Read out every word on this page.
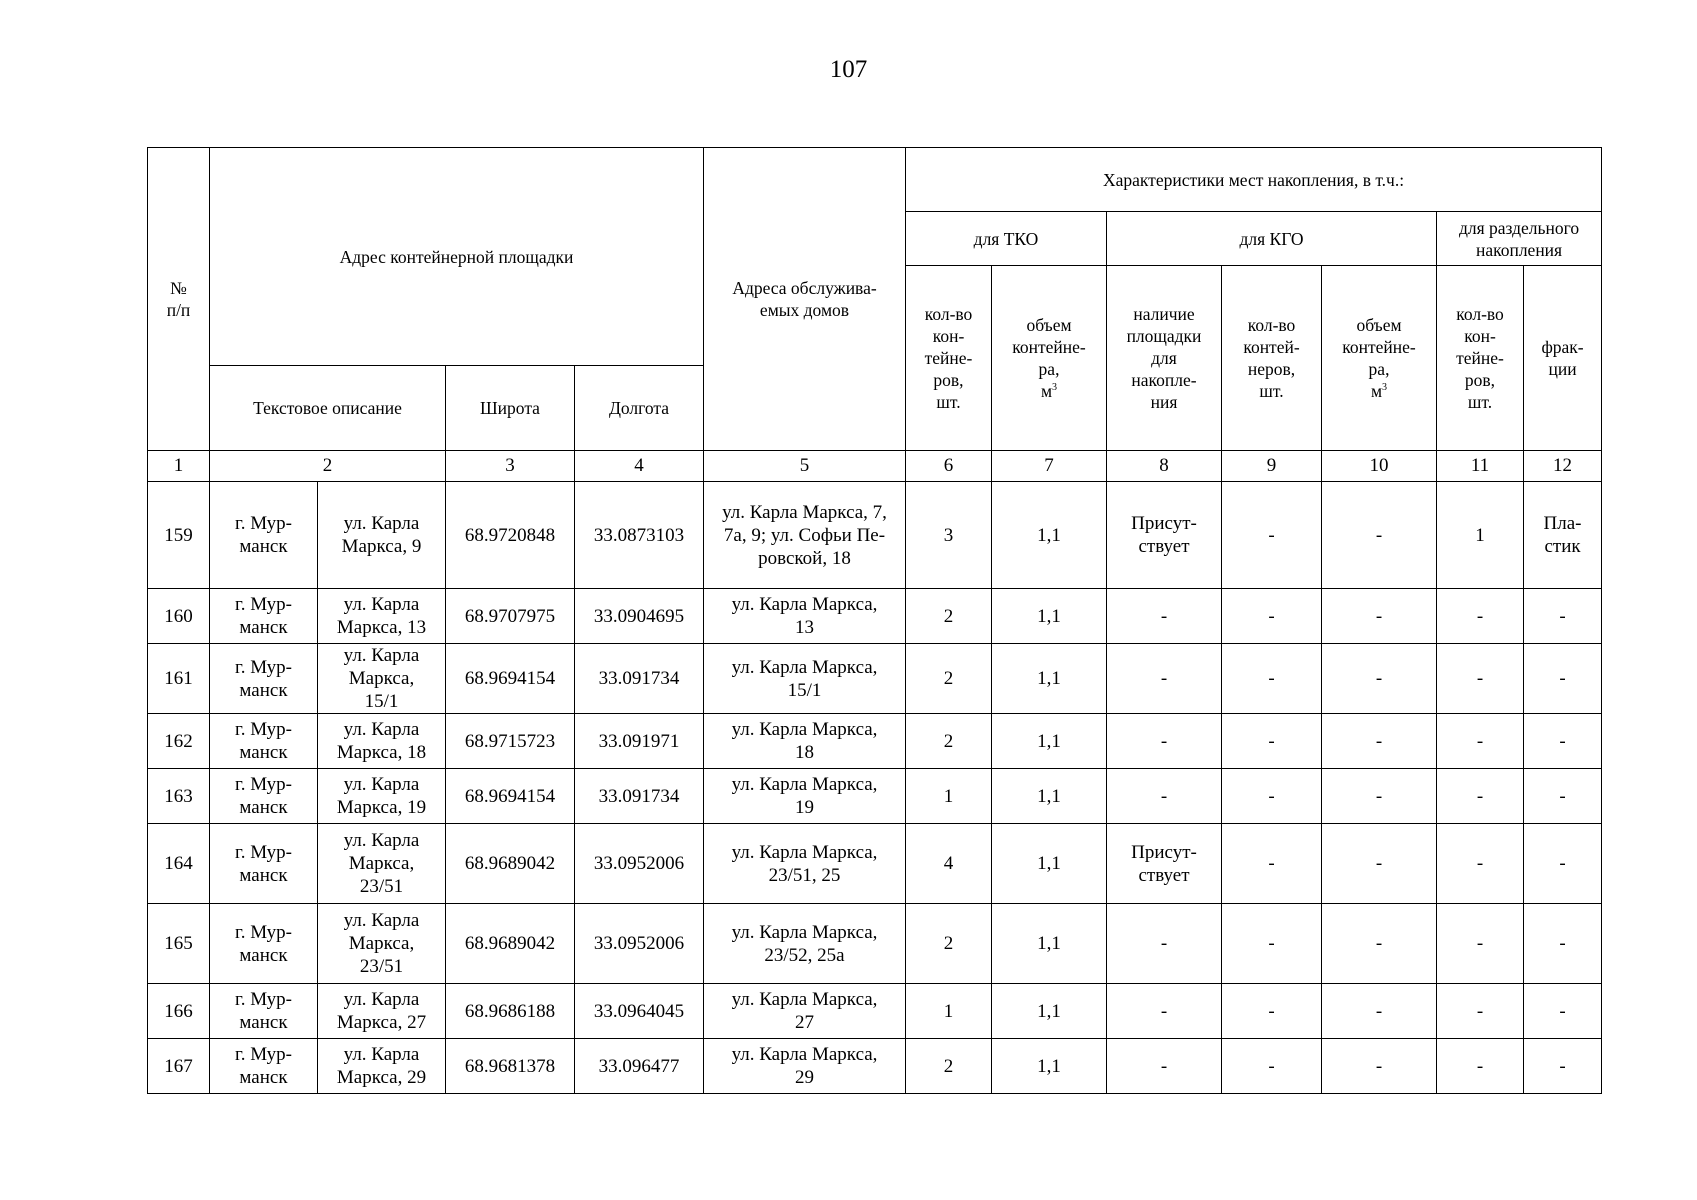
107
№
п/п	Адрес контейнерной площадки				Адреса обслужива-
емых домов	Характеристики мест накопления, в т.ч.:						
						для ТКО		для КГО			для раздельного
накопления	
						кол-во
кон-
тейне-
ров,
шт.	объем
контейне-
ра,
$м^3$	наличие
площадки
для
накопле-
ния	кол-во
контей-
неров,
шт.	объем
контейне-
ра,
$м^3$	кол-во
кон-
тейне-
ров,
шт.	фрак-
ции
	Текстовое описание		Широта	Долгота								
1	2		3	4	5	6	7	8	9	10	11	12
159	г. Мур-
манск	ул. Карла
Маркса, 9	68.9720848	33.0873103	ул. Карла Маркса, 7,
7а, 9; ул. Софьи Пе-
ровской, 18	3	1,1	Присут-
ствует	-	-	1	Пла-
стик
160	г. Мур-
манск	ул. Карла
Маркса, 13	68.9707975	33.0904695	ул. Карла Маркса,
13	2	1,1	-	-	-	-	-
161	г. Мур-
манск	ул. Карла
Маркса,
15/1	68.9694154	33.091734	ул. Карла Маркса,
15/1	2	1,1	-	-	-	-	-
162	г. Мур-
манск	ул. Карла
Маркса, 18	68.9715723	33.091971	ул. Карла Маркса,
18	2	1,1	-	-	-	-	-
163	г. Мур-
манск	ул. Карла
Маркса, 19	68.9694154	33.091734	ул. Карла Маркса,
19	1	1,1	-	-	-	-	-
164	г. Мур-
манск	ул. Карла
Маркса,
23/51	68.9689042	33.0952006	ул. Карла Маркса,
23/51, 25	4	1,1	Присут-
ствует	-	-	-	-
165	г. Мур-
манск	ул. Карла
Маркса,
23/51	68.9689042	33.0952006	ул. Карла Маркса,
23/52, 25а	2	1,1	-	-	-	-	-
166	г. Мур-
манск	ул. Карла
Маркса, 27	68.9686188	33.0964045	ул. Карла Маркса,
27	1	1,1	-	-	-	-	-
167	г. Мур-
манск	ул. Карла
Маркса, 29	68.9681378	33.096477	ул. Карла Маркса,
29	2	1,1	-	-	-	-	-
